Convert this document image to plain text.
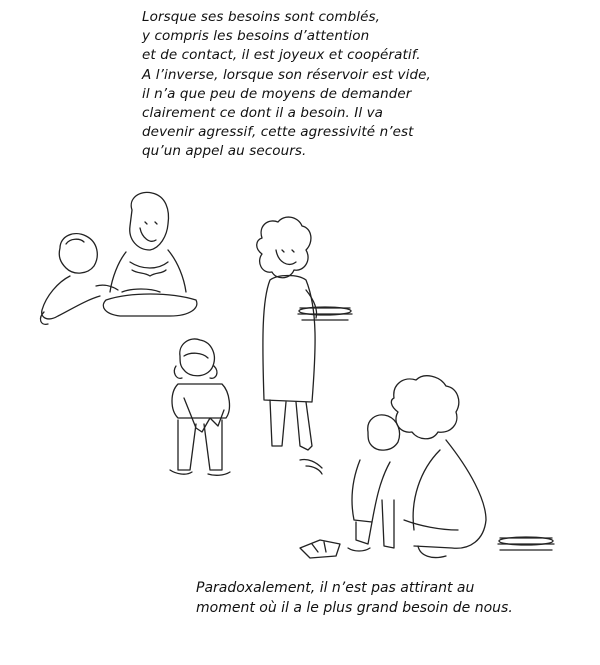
Lorsque ses besoins sont comblés,
y compris les besoins d’attention
et de contact, il est joyeux et coopératif.
A l’inverse, lorsque son réservoir est vide,
il n’a que peu de moyens de demander
clairement ce dont il a besoin. Il va
devenir agressif, cette agressivité n’est
qu’un appel au secours.
Paradoxalement, il n’est pas attirant au
moment où il a le plus grand besoin de nous.
